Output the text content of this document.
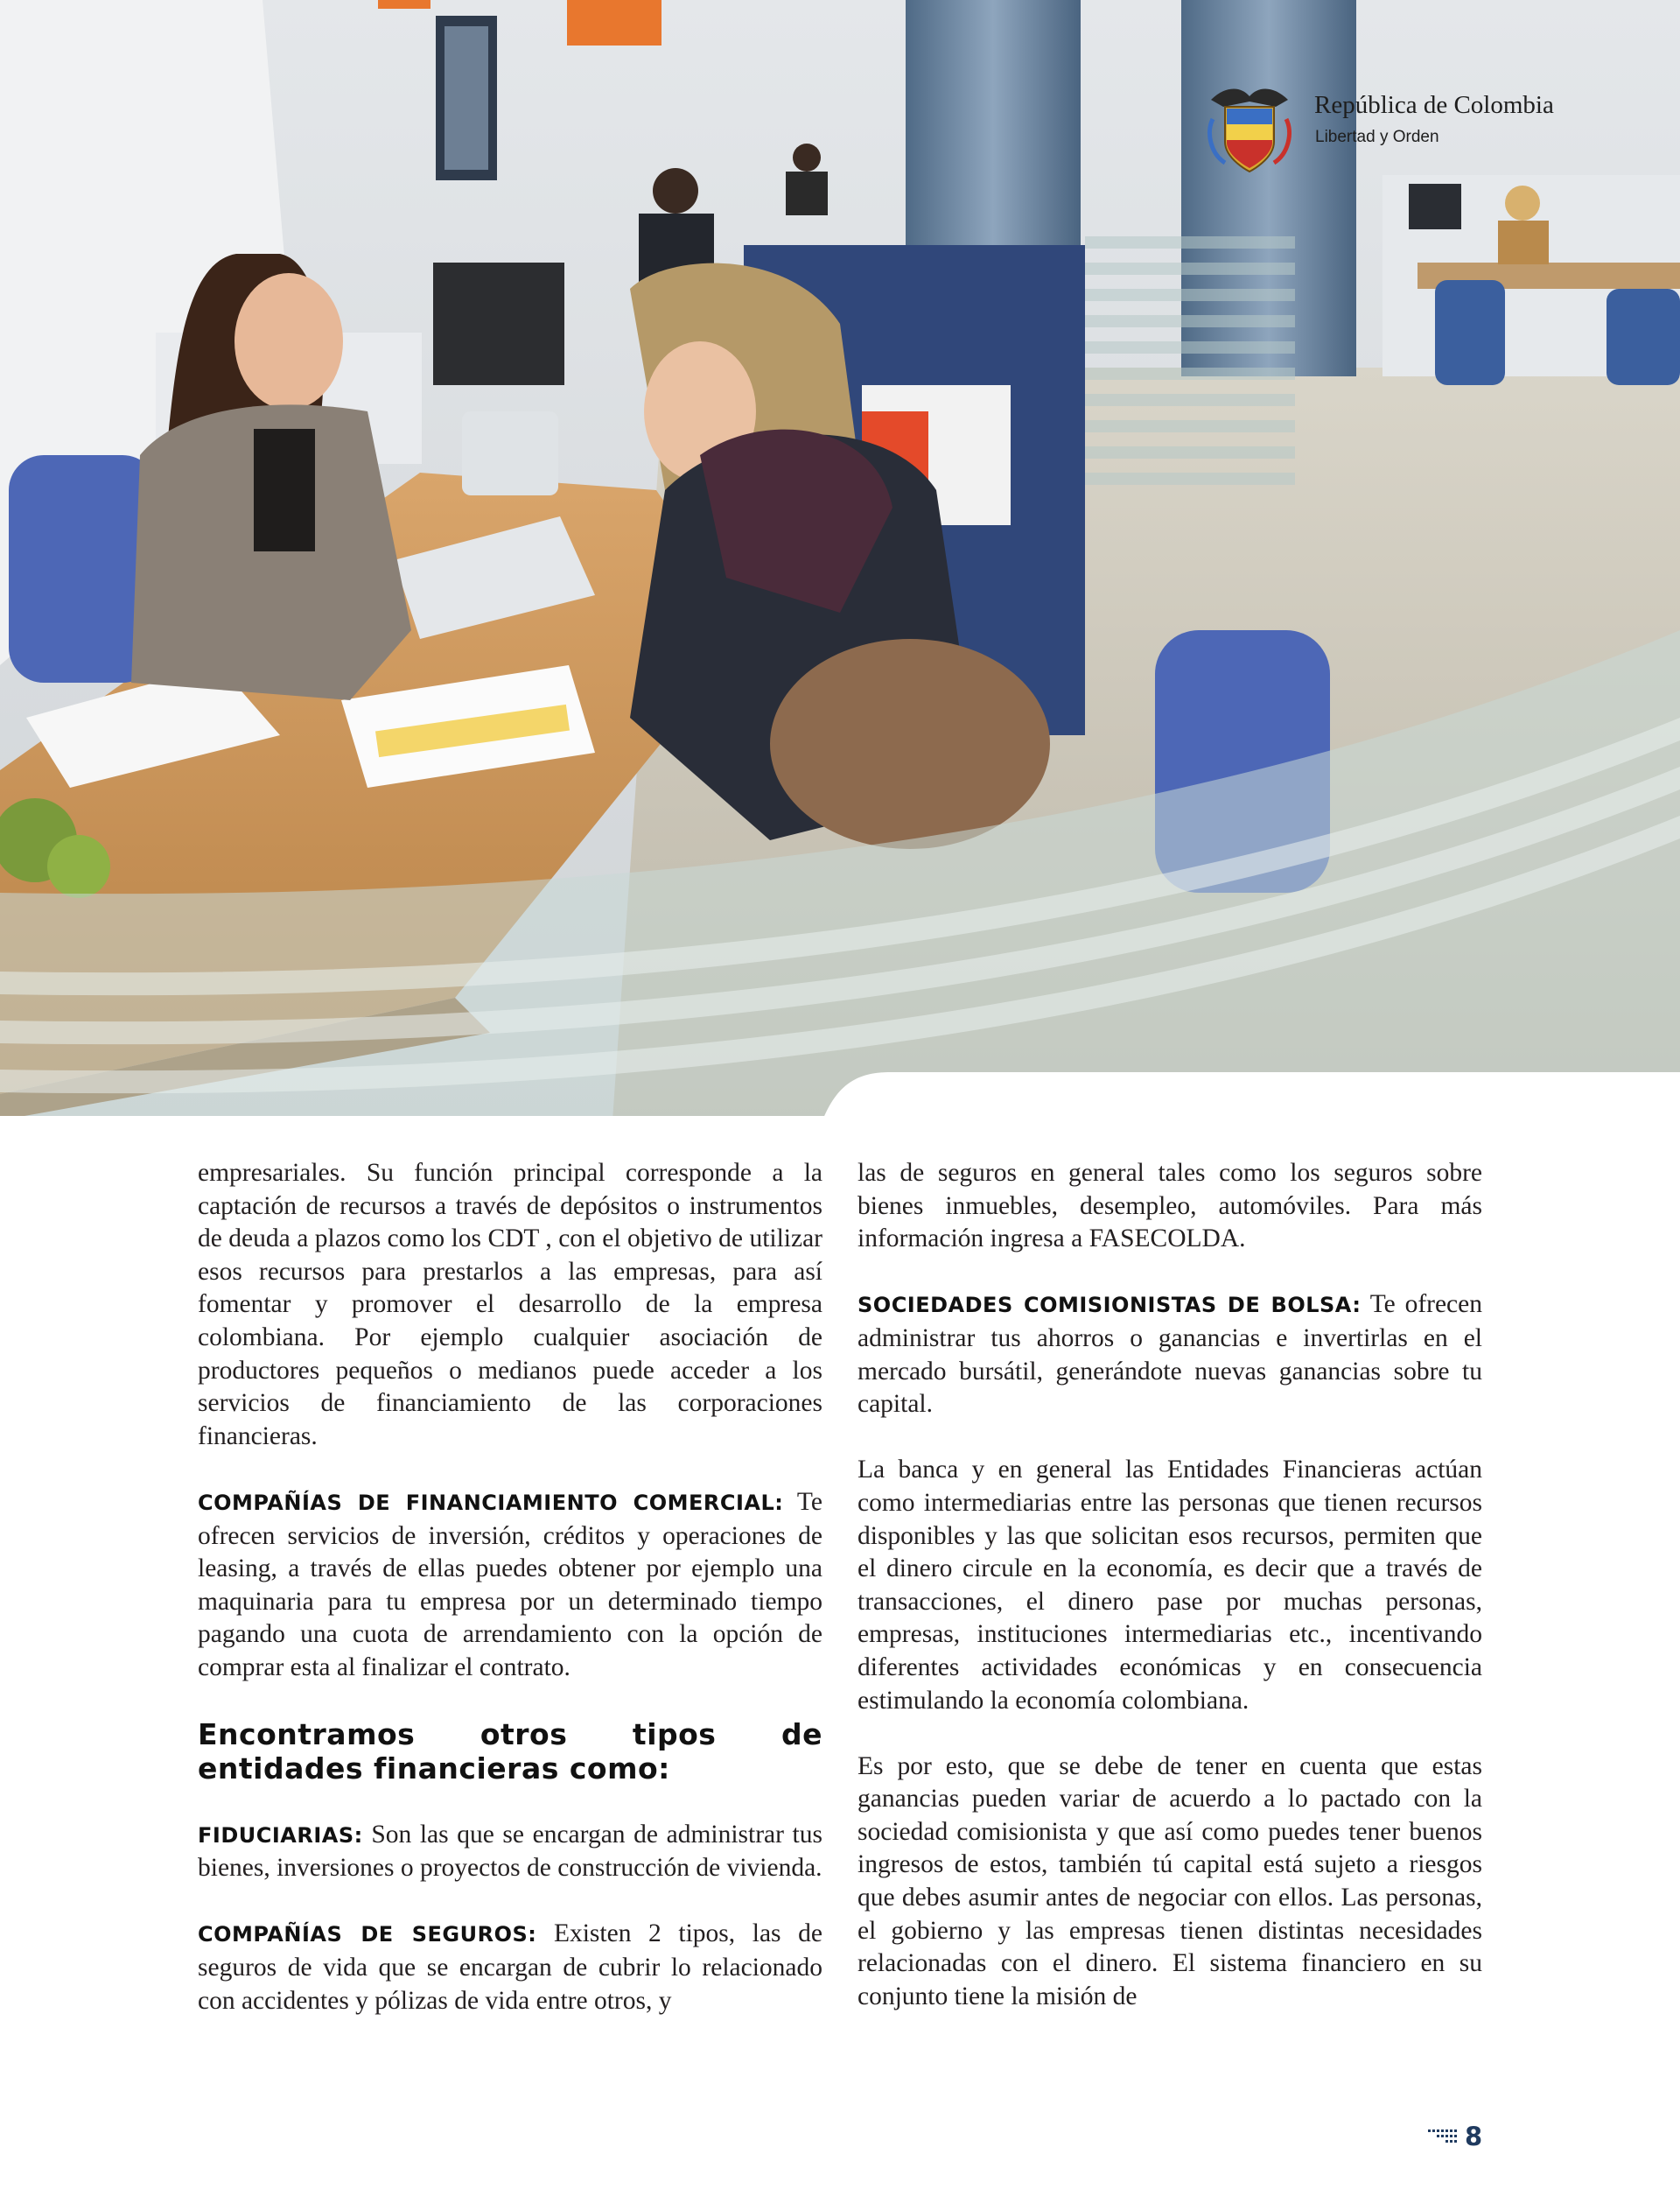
República de Colombia
Libertad y Orden

empresariales. Su función principal corresponde a la captación de recursos a través de depósitos o instrumentos de deuda a plazos como los CDT , con el objetivo de utilizar esos recursos para prestarlos a las empresas, para así fomentar y promover el desarrollo de la empresa colombiana. Por ejemplo cualquier asociación de productores pequeños o medianos puede acceder a los servicios de financiamiento de las corporaciones financieras.

COMPAÑÍAS DE FINANCIAMIENTO COMERCIAL: Te ofrecen servicios de inversión, créditos y operaciones de leasing, a través de ellas puedes obtener por ejemplo una maquinaria para tu empresa por un determinado tiempo pagando una cuota de arrendamiento con la opción de comprar esta al finalizar el contrato.

Encontramos otros tipos de entidades financieras como:

FIDUCIARIAS: Son las que se encargan de administrar tus bienes, inversiones o proyectos de construcción de vivienda.

COMPAÑÍAS DE SEGUROS: Existen 2 tipos, las de seguros de vida que se encargan de cubrir lo relacionado con accidentes y pólizas de vida entre otros, y

las de seguros en general tales como los seguros sobre bienes inmuebles, desempleo, automóviles. Para más información ingresa a FASECOLDA.

SOCIEDADES COMISIONISTAS DE BOLSA: Te ofrecen administrar tus ahorros o ganancias e invertirlas en el mercado bursátil, generándote nuevas ganancias sobre tu capital.

La banca y en general las Entidades Financieras actúan como intermediarias entre las personas que tienen recursos disponibles y las que solicitan esos recursos, permiten que el dinero circule en la economía, es decir que a través de transacciones, el dinero pase por muchas personas, empresas, instituciones intermediarias etc., incentivando diferentes actividades económicas y en consecuencia estimulando la economía colombiana.

Es por esto, que se debe de tener en cuenta que estas ganancias pueden variar de acuerdo a lo pactado con la sociedad comisionista y que así como puedes tener buenos ingresos de estos, también tú capital está sujeto a riesgos que debes asumir antes de negociar con ellos. Las personas, el gobierno y las empresas tienen distintas necesidades relacionadas con el dinero. El sistema financiero en su conjunto tiene la misión de

8
